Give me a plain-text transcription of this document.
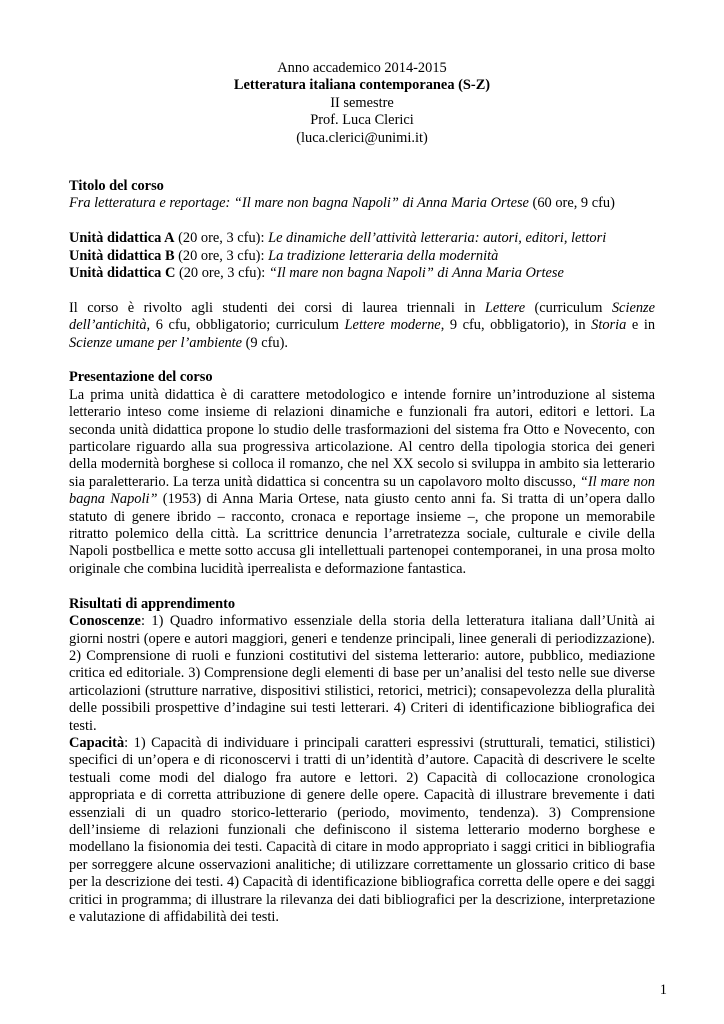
Anno accademico 2014-2015
Letteratura italiana contemporanea (S-Z)
II semestre
Prof. Luca Clerici
(luca.clerici@unimi.it)

Titolo del corso

Fra letteratura e reportage: “Il mare non bagna Napoli” di Anna Maria Ortese (60 ore, 9 cfu)

Unità didattica A (20 ore, 3 cfu): Le dinamiche dell’attività letteraria: autori, editori, lettori

Unità didattica B (20 ore, 3 cfu): La tradizione letteraria della modernità

Unità didattica C (20 ore, 3 cfu): “Il mare non bagna Napoli” di Anna Maria Ortese

Il corso è rivolto agli studenti dei corsi di laurea triennali in Lettere (curriculum Scienze dell’antichità, 6 cfu, obbligatorio; curriculum Lettere moderne, 9 cfu, obbligatorio), in Storia e in Scienze umane per l’ambiente (9 cfu).

Presentazione del corso

La prima unità didattica è di carattere metodologico e intende fornire un’introduzione al sistema letterario inteso come insieme di relazioni dinamiche e funzionali fra autori, editori e lettori. La seconda unità didattica propone lo studio delle trasformazioni del sistema fra Otto e Novecento, con particolare riguardo alla sua progressiva articolazione. Al centro della tipologia storica dei generi della modernità borghese si colloca il romanzo, che nel XX secolo si sviluppa in ambito sia letterario sia paraletterario. La terza unità didattica si concentra su un capolavoro molto discusso, “Il mare non bagna Napoli” (1953) di Anna Maria Ortese, nata giusto cento anni fa. Si tratta di un’opera dallo statuto di genere ibrido – racconto, cronaca e reportage insieme –, che propone un memorabile ritratto polemico della città. La scrittrice denuncia l’arretratezza sociale, culturale e civile della Napoli postbellica e mette sotto accusa gli intellettuali partenopei contemporanei, in una prosa molto originale che combina lucidità iperrealista e deformazione fantastica.

Risultati di apprendimento

Conoscenze: 1) Quadro informativo essenziale della storia della letteratura italiana dall’Unità ai giorni nostri (opere e autori maggiori, generi e tendenze principali, linee generali di periodizzazione). 2) Comprensione di ruoli e funzioni costitutivi del sistema letterario: autore, pubblico, mediazione critica ed editoriale. 3) Comprensione degli elementi di base per un’analisi del testo nelle sue diverse articolazioni (strutture narrative, dispositivi stilistici, retorici, metrici); consapevolezza della pluralità delle possibili prospettive d’indagine sui testi letterari. 4) Criteri di identificazione bibliografica dei testi.

Capacità: 1) Capacità di individuare i principali caratteri espressivi (strutturali, tematici, stilistici) specifici di un’opera e di riconoscervi i tratti di un’identità d’autore. Capacità di descrivere le scelte testuali come modi del dialogo fra autore e lettori. 2) Capacità di collocazione cronologica appropriata e di corretta attribuzione di genere delle opere. Capacità di illustrare brevemente i dati essenziali di un quadro storico-letterario (periodo, movimento, tendenza). 3) Comprensione dell’insieme di relazioni funzionali che definiscono il sistema letterario moderno borghese e modellano la fisionomia dei testi. Capacità di citare in modo appropriato i saggi critici in bibliografia per sorreggere alcune osservazioni analitiche; di utilizzare correttamente un glossario critico di base per la descrizione dei testi. 4) Capacità di identificazione bibliografica corretta delle opere e dei saggi critici in programma; di illustrare la rilevanza dei dati bibliografici per la descrizione, interpretazione e valutazione di affidabilità dei testi.

1
